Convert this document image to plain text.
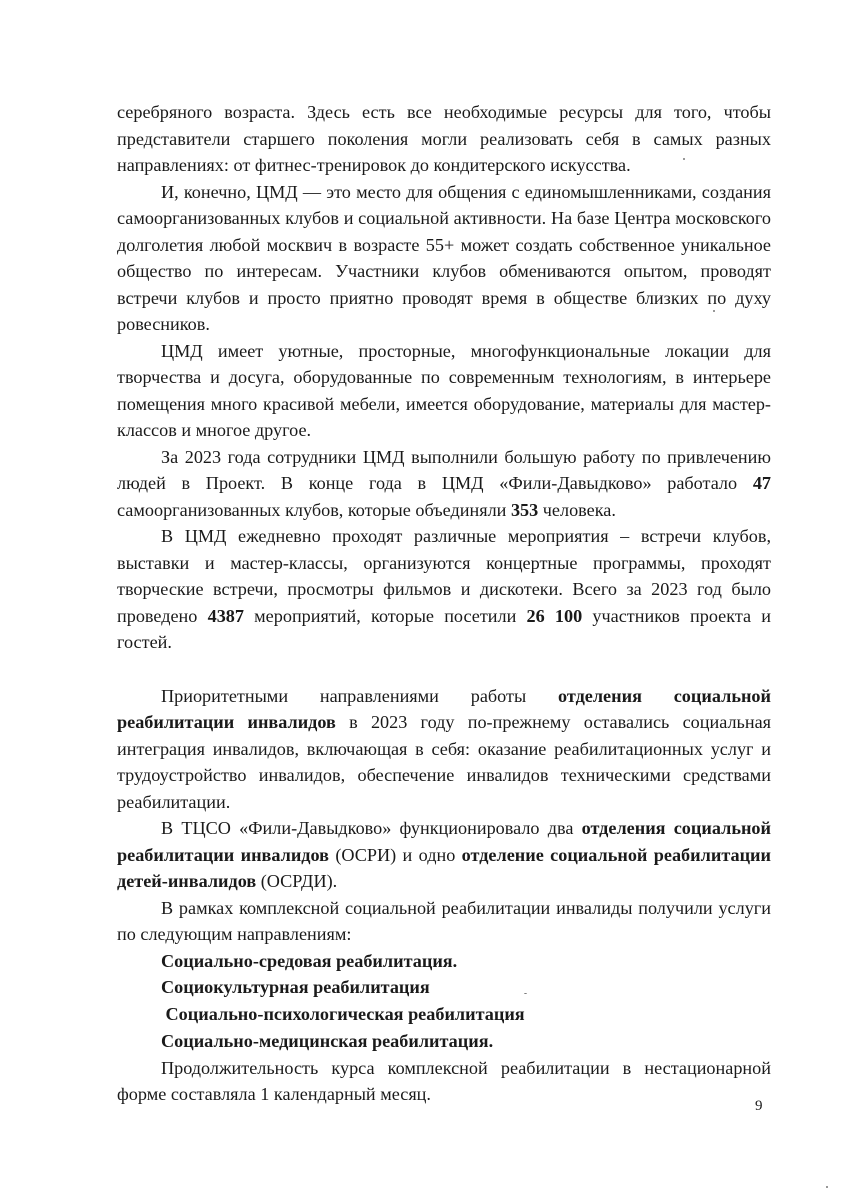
серебряного возраста. Здесь есть все необходимые ресурсы для того, чтобы представители старшего поколения могли реализовать себя в самых разных направлениях: от фитнес-тренировок до кондитерского искусства.

И, конечно, ЦМД — это место для общения с единомышленниками, создания самоорганизованных клубов и социальной активности. На базе Центра московского долголетия любой москвич в возрасте 55+ может создать собственное уникальное общество по интересам. Участники клубов обмениваются опытом, проводят встречи клубов и просто приятно проводят время в обществе близких по духу ровесников.

ЦМД имеет уютные, просторные, многофункциональные локации для творчества и досуга, оборудованные по современным технологиям, в интерьере помещения много красивой мебели, имеется оборудование, материалы для мастер-классов и многое другое.

За 2023 года сотрудники ЦМД выполнили большую работу по привлечению людей в Проект. В конце года в ЦМД «Фили-Давыдково» работало 47 самоорганизованных клубов, которые объединяли 353 человека.

В ЦМД ежедневно проходят различные мероприятия – встречи клубов, выставки и мастер-классы, организуются концертные программы, проходят творческие встречи, просмотры фильмов и дискотеки. Всего за 2023 год было проведено 4387 мероприятий, которые посетили 26 100 участников проекта и гостей.

Приоритетными направлениями работы отделения социальной реабилитации инвалидов в 2023 году по-прежнему оставались социальная интеграция инвалидов, включающая в себя: оказание реабилитационных услуг и трудоустройство инвалидов, обеспечение инвалидов техническими средствами реабилитации.

В ТЦСО «Фили-Давыдково» функционировало два отделения социальной реабилитации инвалидов (ОСРИ) и одно отделение социальной реабилитации детей-инвалидов (ОСРДИ).

В рамках комплексной социальной реабилитации инвалиды получили услуги по следующим направлениям:

Социально-средовая реабилитация.

Социокультурная реабилитация

Социально-психологическая реабилитация

Социально-медицинская реабилитация.

Продолжительность курса комплексной реабилитации в нестационарной форме составляла 1 календарный месяц.

9
